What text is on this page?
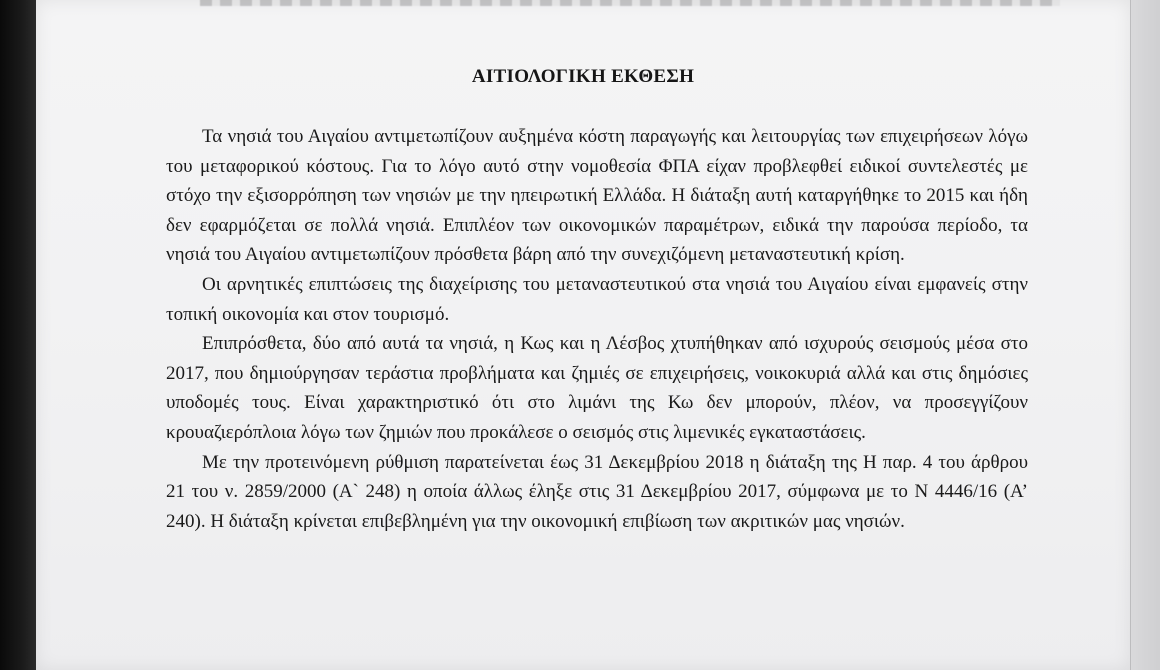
ΑΙΤΙΟΛΟΓΙΚΗ ΕΚΘΕΣΗ

Τα νησιά του Αιγαίου αντιμετωπίζουν αυξημένα κόστη παραγωγής και λειτουργίας των επιχειρήσεων λόγω του μεταφορικού κόστους. Για το λόγο αυτό στην νομοθεσία ΦΠΑ είχαν προβλεφθεί ειδικοί συντελεστές με στόχο την εξισορρόπηση των νησιών με την ηπειρωτική Ελλάδα. Η διάταξη αυτή καταργήθηκε το 2015 και ήδη δεν εφαρμόζεται σε πολλά νησιά. Επιπλέον των οικονομικών παραμέτρων, ειδικά την παρούσα περίοδο, τα νησιά του Αιγαίου αντιμετωπίζουν πρόσθετα βάρη από την συνεχιζόμενη μεταναστευτική κρίση.

Οι αρνητικές επιπτώσεις της διαχείρισης του μεταναστευτικού στα νησιά του Αιγαίου είναι εμφανείς στην τοπική οικονομία και στον τουρισμό.

Επιπρόσθετα, δύο από αυτά τα νησιά, η Κως και η Λέσβος χτυπήθηκαν από ισχυρούς σεισμούς μέσα στο 2017, που δημιούργησαν τεράστια προβλήματα και ζημιές σε επιχειρήσεις, νοικοκυριά αλλά και στις δημόσιες υποδομές τους. Είναι χαρακτηριστικό ότι στο λιμάνι της Κω δεν μπορούν, πλέον, να προσεγγίζουν κρουαζιερόπλοια λόγω των ζημιών που προκάλεσε ο σεισμός στις λιμενικές εγκαταστάσεις.

Με την προτεινόμενη ρύθμιση παρατείνεται έως 31 Δεκεμβρίου 2018 η διάταξη της Η παρ. 4 του άρθρου 21 του ν. 2859/2000 (Α` 248) η οποία άλλως έληξε στις 31 Δεκεμβρίου 2017, σύμφωνα με το Ν 4446/16 (Α’ 240). Η διάταξη κρίνεται επιβεβλημένη για την οικονομική επιβίωση των ακριτικών μας νησιών.
